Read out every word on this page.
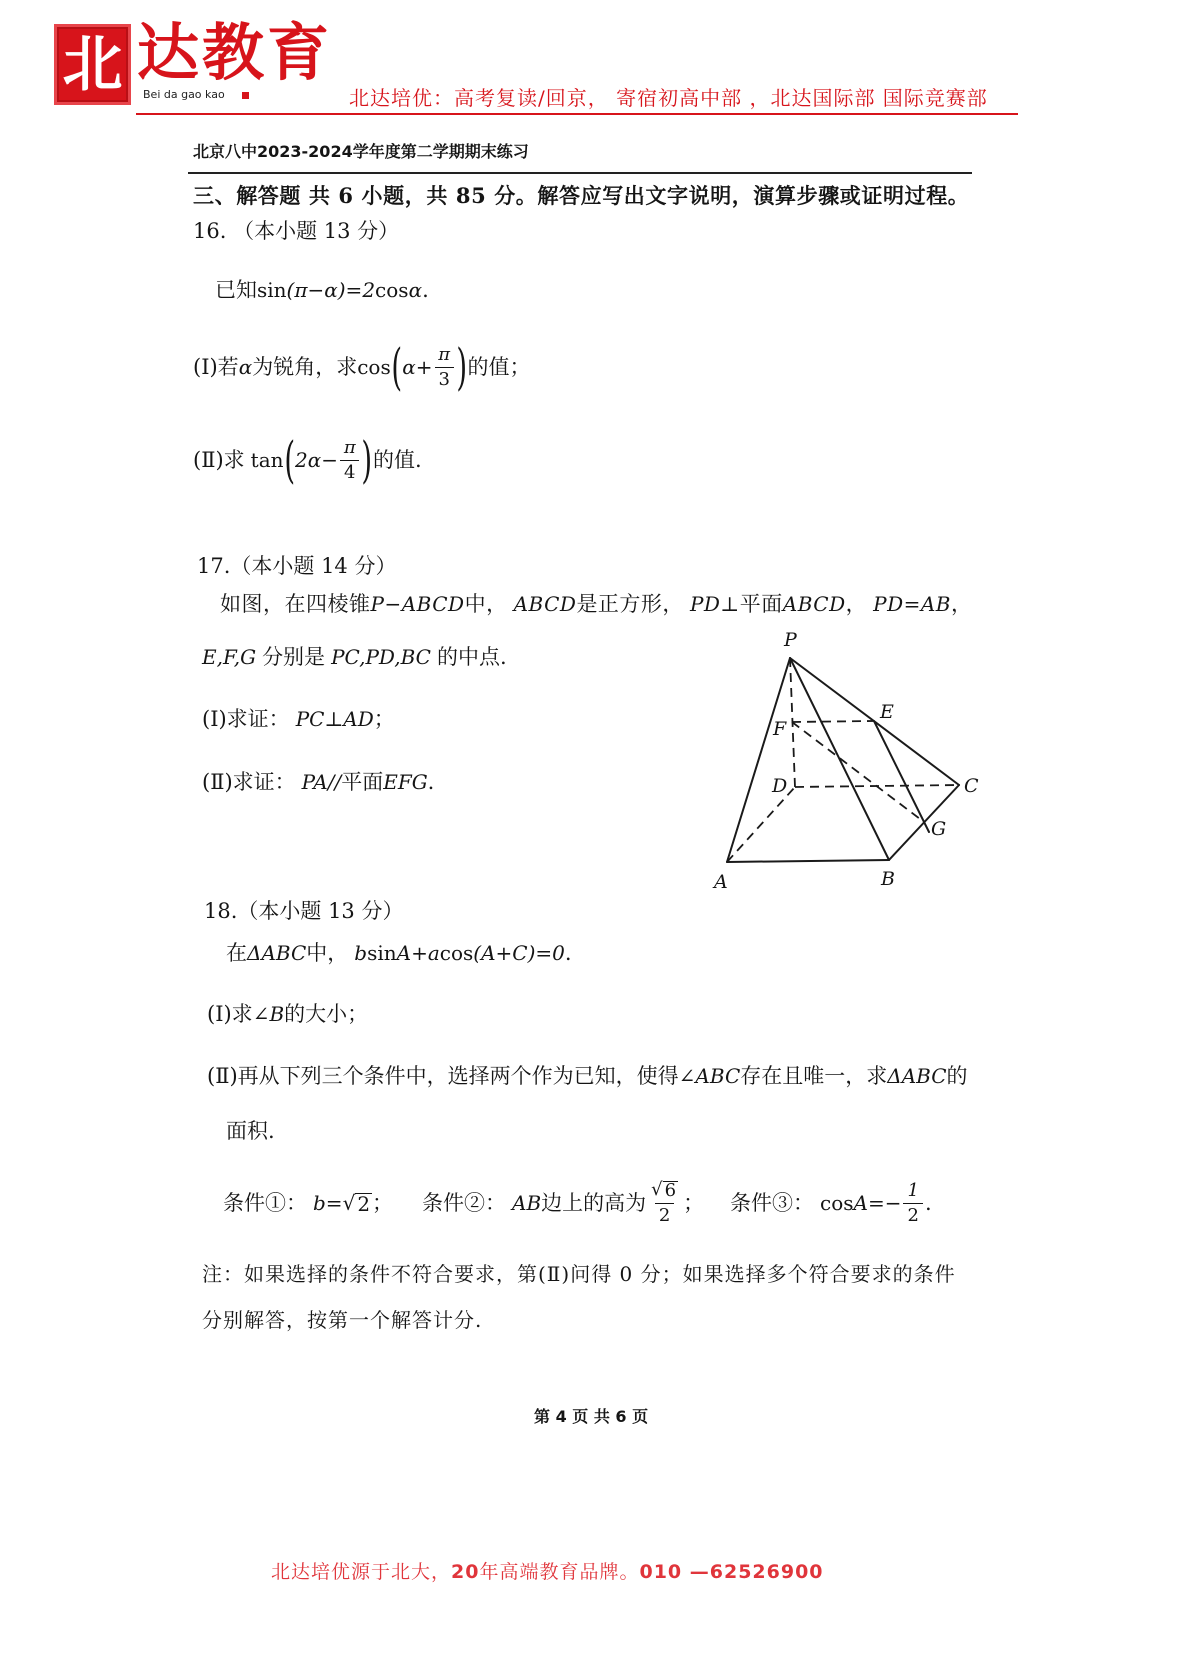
北 达教育
Bei da gao kao	北达培优：高考复读/回京， 寄宿初高中部 ，北达国际部 国际竞赛部
北京八中2023-2024学年度第二学期期末练习
三、解答题 共 6 小题，共 85 分。解答应写出文字说明，演算步骤或证明过程。
16. （本小题 13 分）
已知 sin (π−α)=2 cos α .
(Ⅰ)若 α 为锐角，求 cos ( $\alpha+ \frac{\pi}{3}$ ) 的值；
(Ⅱ)求 tan ( $2\alpha- \frac{\pi}{4}$ ) 的值.
17.（本小题 14 分）
如图，在四棱锥 P−ABCD 中， ABCD 是正方形， PD⊥ 平面 ABCD ， PD=AB ，
E,F,G 分别是 PC,PD,BC 的中点.
(Ⅰ)求证： PC⊥AD ；
(Ⅱ)求证： PA// 平面 EFG .
P
E
F
D	C
G
A	B
18.（本小题 13 分）
在 ΔABC 中， b sin A+a cos (A+C)=0 .
(Ⅰ)求 ∠B 的大小；
(Ⅱ)再从下列三个条件中，选择两个作为已知，使得 ∠ABC 存在且唯一，求 ΔABC 的
面积.
条件①： b= √ 2 ； 条件②： AB 边上的高为 $\frac{√ 6}{2}$ ； 条件③： $\cos A=- \frac{1}{2}$ .
注：如果选择的条件不符合要求，第(Ⅱ)问得 0 分；如果选择多个符合要求的条件
分别解答，按第一个解答计分.
第 4 页 共 6 页
北达培优源于北大， 20 年高端教育品牌。 010 —62526900
